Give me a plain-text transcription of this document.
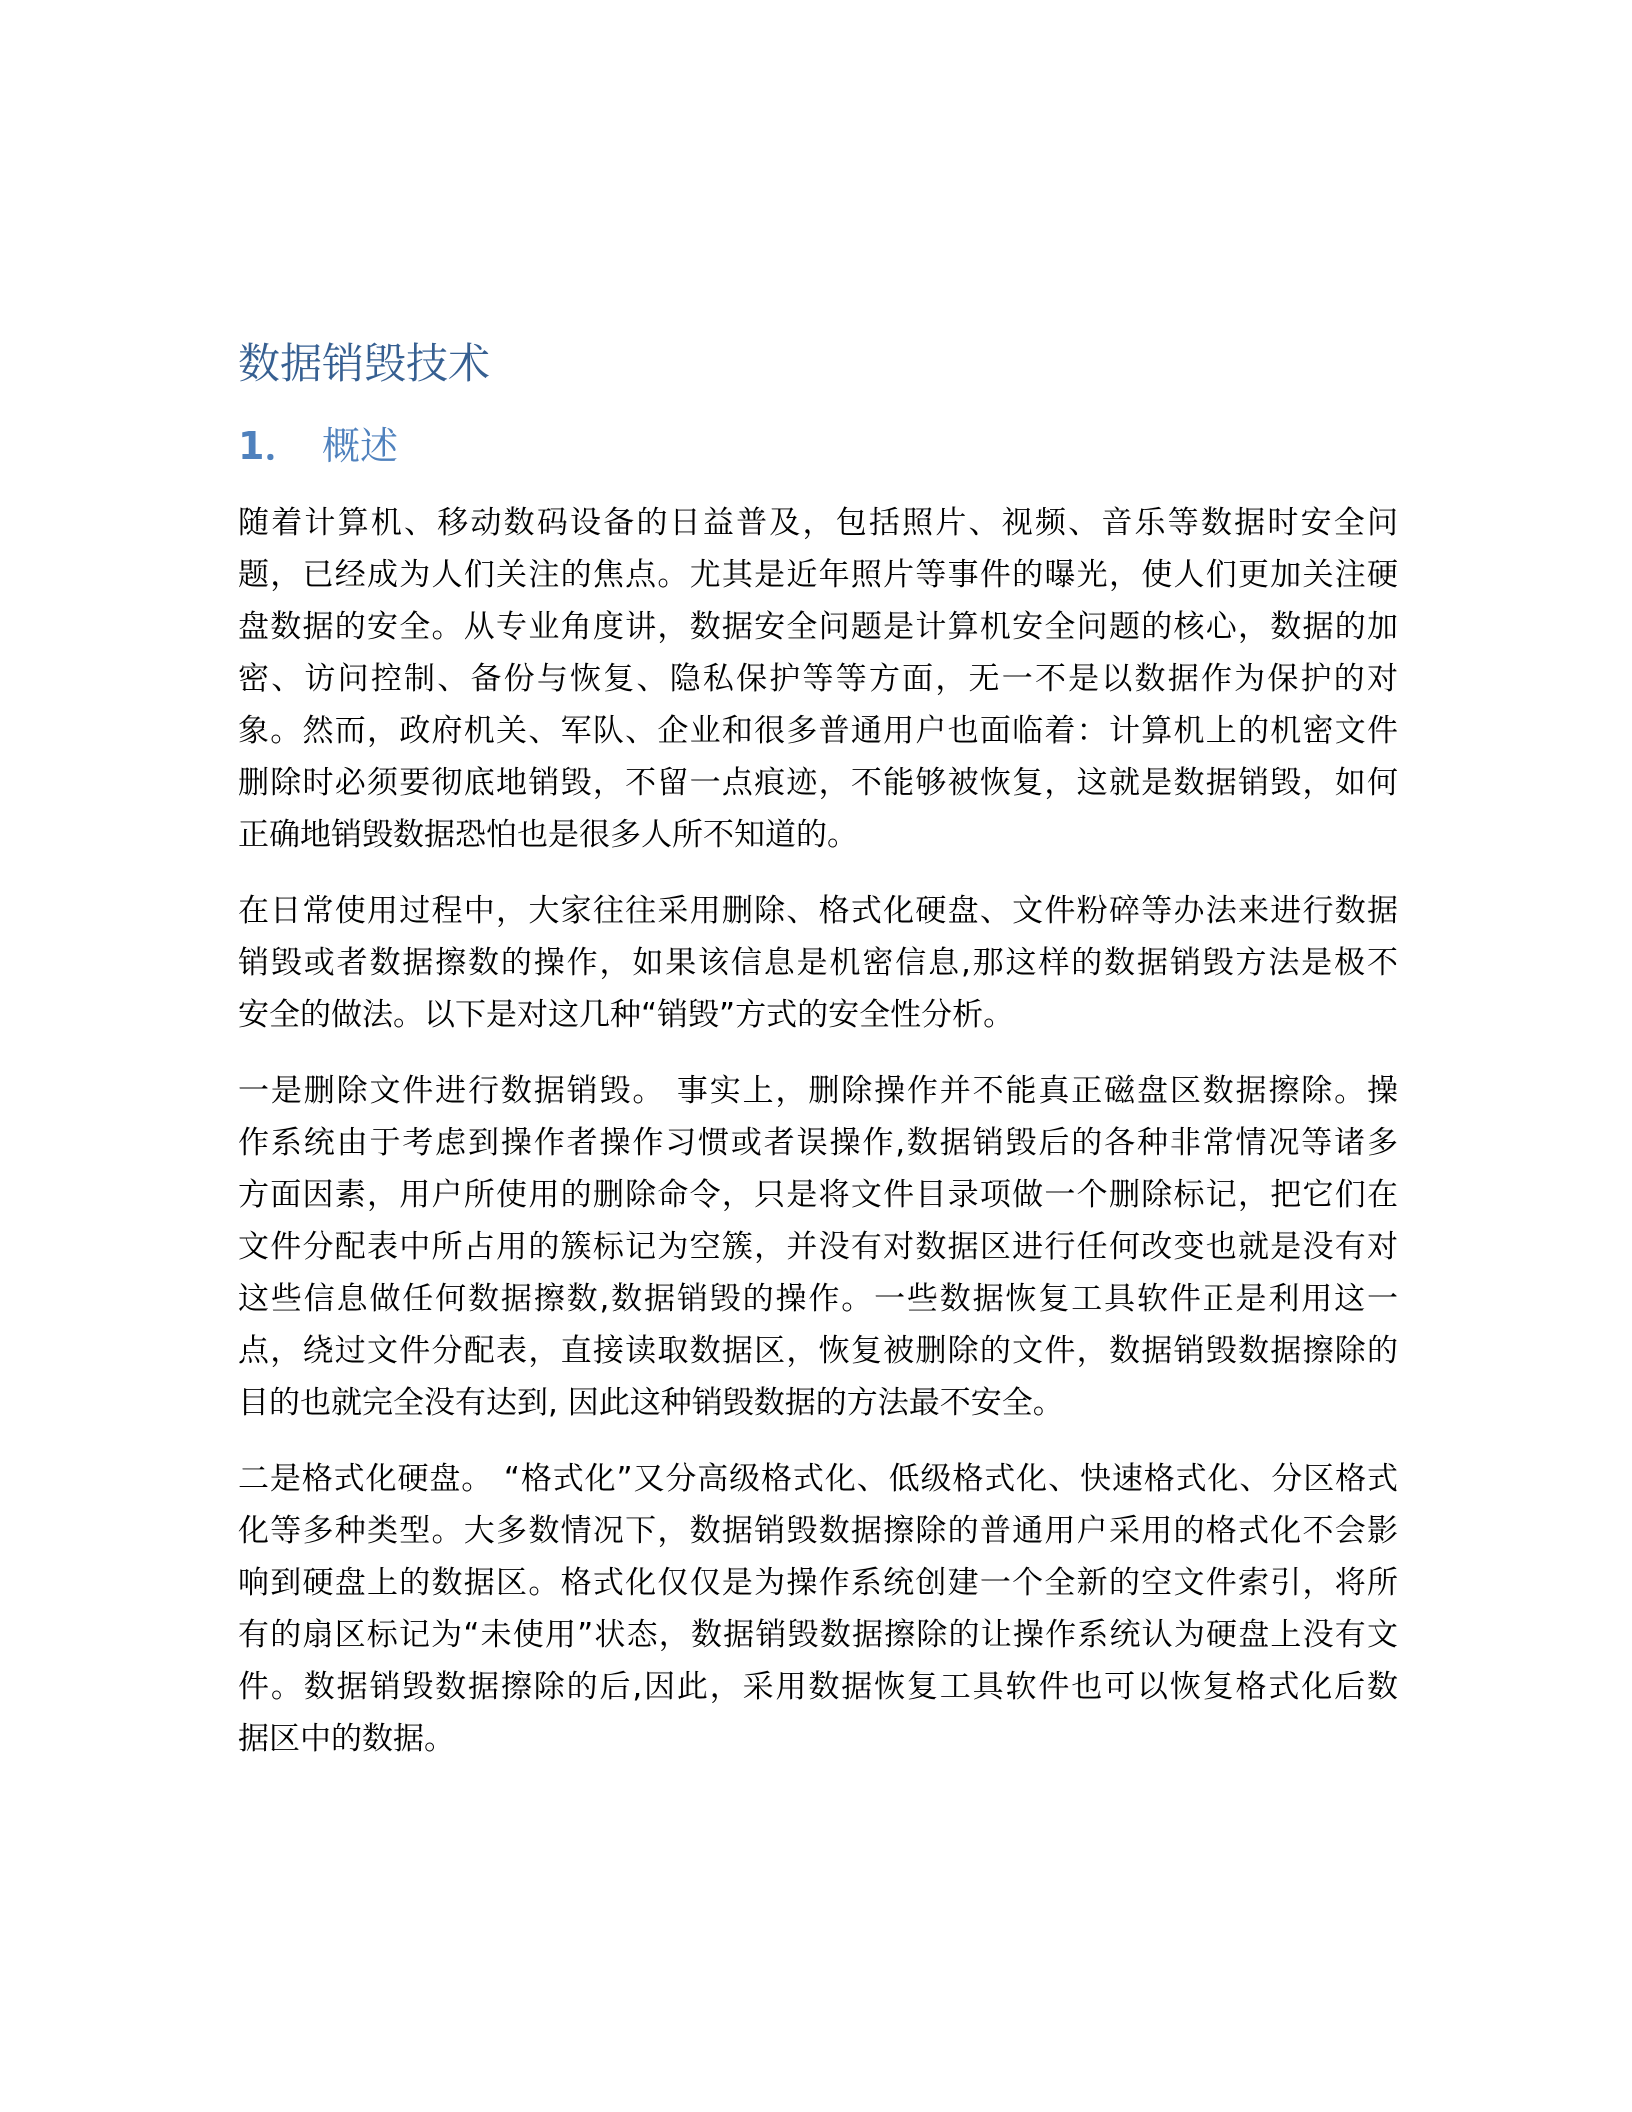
数据销毁技术
1． 概述
随着计算机、移动数码设备的日益普及，包括照片、视频、音乐等数据时安全问
题，已经成为人们关注的焦点。尤其是近年照片等事件的曝光，使人们更加关注硬
盘数据的安全。从专业角度讲，数据安全问题是计算机安全问题的核心，数据的加
密、访问控制、备份与恢复、隐私保护等等方面，无一不是以数据作为保护的对
象。然而，政府机关、军队、企业和很多普通用户也面临着：计算机上的机密文件
删除时必须要彻底地销毁，不留一点痕迹，不能够被恢复，这就是数据销毁，如何
正确地销毁数据恐怕也是很多人所不知道的。
在日常使用过程中，大家往往采用删除、格式化硬盘、文件粉碎等办法来进行数据
销毁或者数据擦数的操作，如果该信息是机密信息,那这样的数据销毁方法是极不
安全的做法。以下是对这几种“销毁”方式的安全性分析。
一是删除文件进行数据销毁。 事实上，删除操作并不能真正磁盘区数据擦除。操
作系统由于考虑到操作者操作习惯或者误操作,数据销毁后的各种非常情况等诸多
方面因素，用户所使用的删除命令，只是将文件目录项做一个删除标记，把它们在
文件分配表中所占用的簇标记为空簇，并没有对数据区进行任何改变也就是没有对
这些信息做任何数据擦数,数据销毁的操作。一些数据恢复工具软件正是利用这一
点，绕过文件分配表，直接读取数据区，恢复被删除的文件，数据销毁数据擦除的
目的也就完全没有达到, 因此这种销毁数据的方法最不安全。
二是格式化硬盘。 “格式化”又分高级格式化、低级格式化、快速格式化、分区格式
化等多种类型。大多数情况下，数据销毁数据擦除的普通用户采用的格式化不会影
响到硬盘上的数据区。格式化仅仅是为操作系统创建一个全新的空文件索引，将所
有的扇区标记为“未使用”状态，数据销毁数据擦除的让操作系统认为硬盘上没有文
件。数据销毁数据擦除的后,因此，采用数据恢复工具软件也可以恢复格式化后数
据区中的数据。
